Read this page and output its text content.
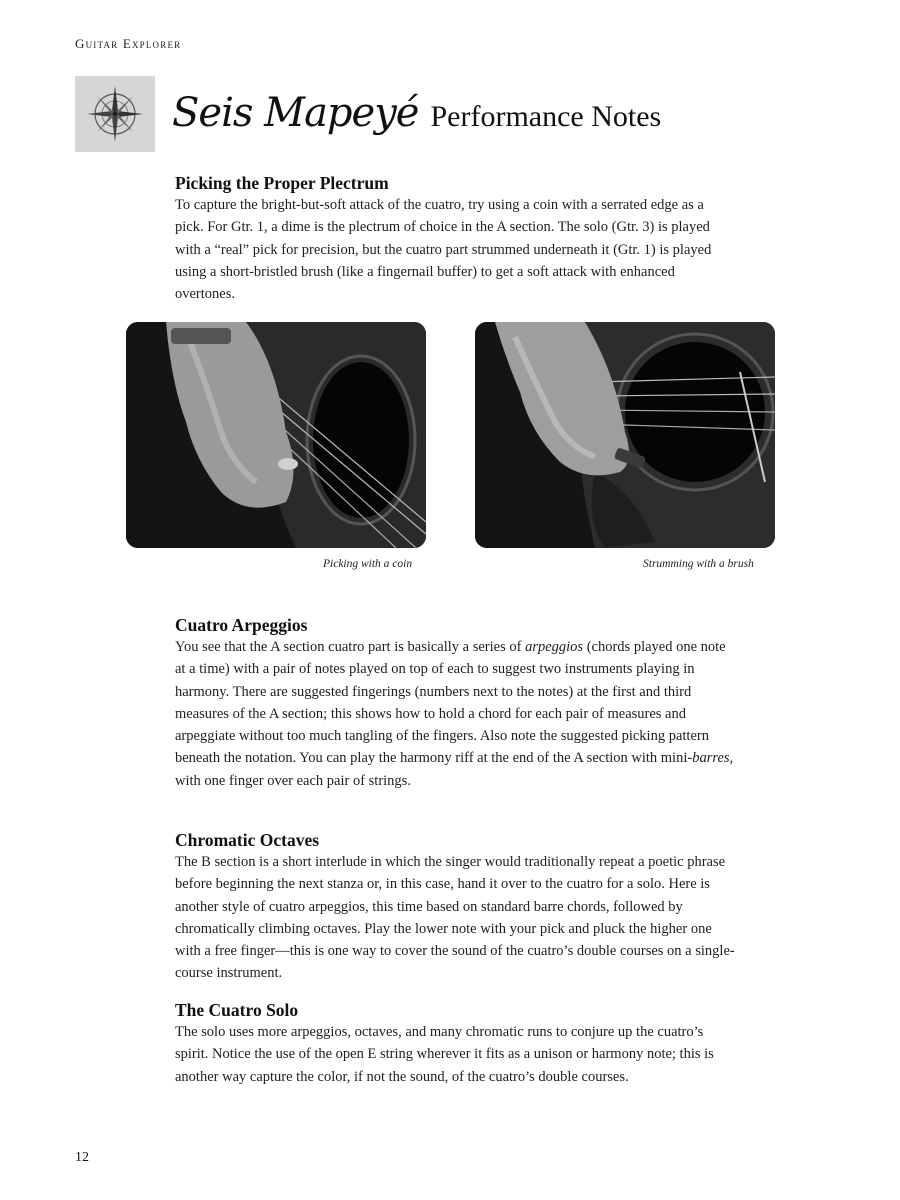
Guitar Explorer
Seis Mapeyé Performance Notes
Picking the Proper Plectrum

To capture the bright-but-soft attack of the cuatro, try using a coin with a serrated edge as a pick. For Gtr. 1, a dime is the plectrum of choice in the A section. The solo (Gtr. 3) is played with a “real” pick for precision, but the cuatro part strummed underneath it (Gtr. 1) is played using a short-bristled brush (like a fingernail buffer) to get a soft attack with enhanced overtones.

Picking with a coin	Strumming with a brush
Cuatro Arpeggios

You see that the A section cuatro part is basically a series of arpeggios (chords played one note at a time) with a pair of notes played on top of each to suggest two instruments playing in harmony. There are suggested fingerings (numbers next to the notes) at the first and third measures of the A section; this shows how to hold a chord for each pair of measures and arpeggiate without too much tangling of the fingers. Also note the suggested picking pattern beneath the notation. You can play the harmony riff at the end of the A section with mini-barres, with one finger over each pair of strings.

Chromatic Octaves

The B section is a short interlude in which the singer would traditionally repeat a poetic phrase before beginning the next stanza or, in this case, hand it over to the cuatro for a solo. Here is another style of cuatro arpeggios, this time based on standard barre chords, followed by chromatically climbing octaves. Play the lower note with your pick and pluck the higher one with a free finger—this is one way to cover the sound of the cuatro’s double courses on a single-course instrument.

The Cuatro Solo

The solo uses more arpeggios, octaves, and many chromatic runs to conjure up the cuatro’s spirit. Notice the use of the open E string wherever it fits as a unison or harmony note; this is another way capture the color, if not the sound, of the cuatro’s double courses.

12
